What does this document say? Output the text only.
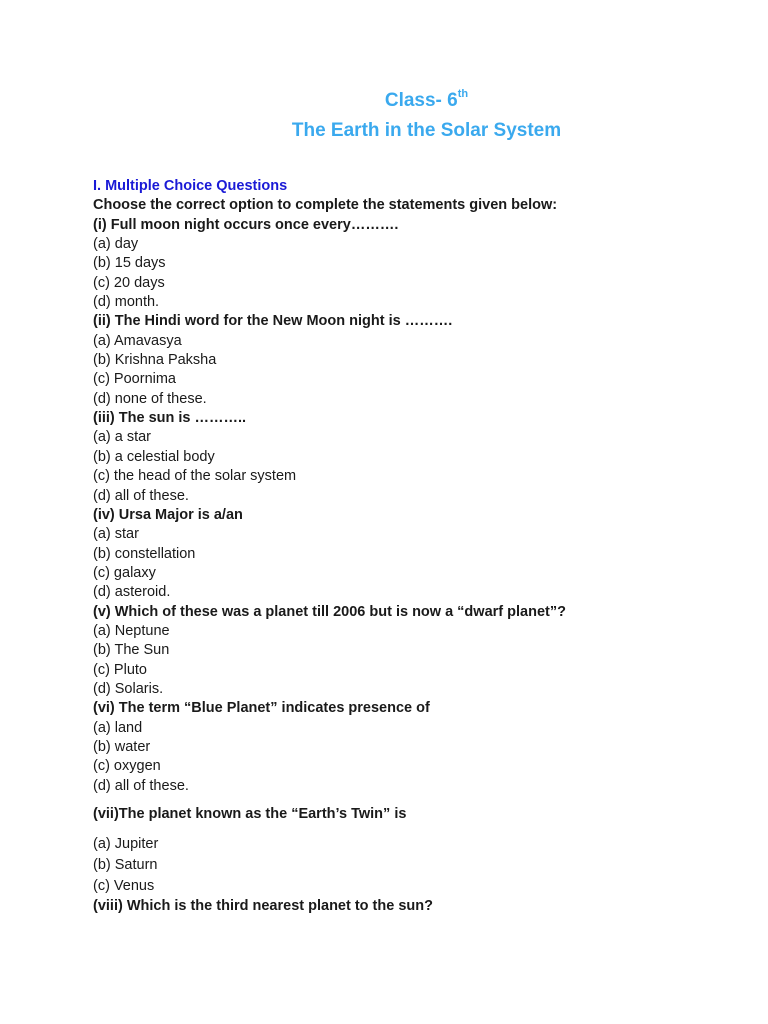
Class- 6th
The Earth in the Solar System
I. Multiple Choice Questions
Choose the correct option to complete the statements given below:
(i) Full moon night occurs once every……….
(a) day
(b) 15 days
(c) 20 days
(d) month.
(ii) The Hindi word for the New Moon night is ……….
(a) Amavasya
(b) Krishna Paksha
(c) Poornima
(d) none of these.
(iii) The sun is ………..
(a) a star
(b) a celestial body
(c) the head of the solar system
(d) all of these.
(iv) Ursa Major is a/an
(a) star
(b) constellation
(c) galaxy
(d) asteroid.
(v) Which of these was a planet till 2006 but is now a “dwarf planet”?
(a) Neptune
(b) The Sun
(c) Pluto
(d) Solaris.
(vi) The term “Blue Planet” indicates presence of
(a) land
(b) water
(c) oxygen
(d) all of these.
(vii)The planet known as the “Earth’s Twin” is
(a) Jupiter
(b) Saturn
(c) Venus
(viii) Which is the third nearest planet to the sun?
